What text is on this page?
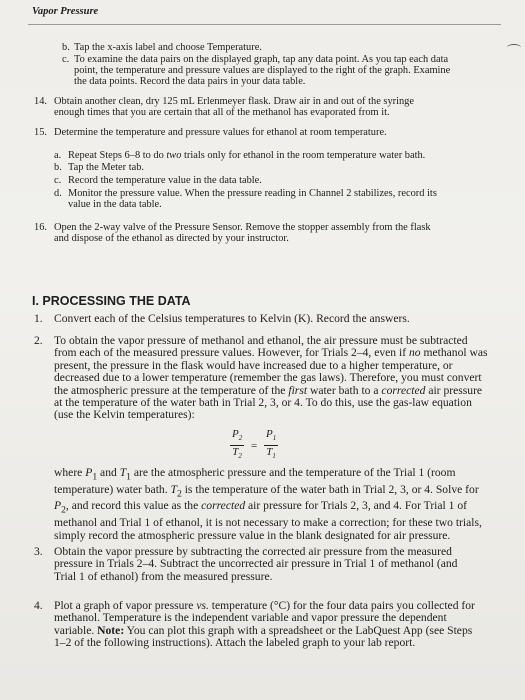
Vapor Pressure
b. Tap the x-axis label and choose Temperature.
c. To examine the data pairs on the displayed graph, tap any data point. As you tap each data
point, the temperature and pressure values are displayed to the right of the graph. Examine
the data points. Record the data pairs in your data table.
14. Obtain another clean, dry 125 mL Erlenmeyer flask. Draw air in and out of the syringe
enough times that you are certain that all of the methanol has evaporated from it.
15. Determine the temperature and pressure values for ethanol at room temperature.
a. Repeat Steps 6–8 to do two trials only for ethanol in the room temperature water bath.
b. Tap the Meter tab.
c. Record the temperature value in the data table.
d. Monitor the pressure value. When the pressure reading in Channel 2 stabilizes, record its
value in the data table.
16. Open the 2-way valve of the Pressure Sensor. Remove the stopper assembly from the flask
and dispose of the ethanol as directed by your instructor.
I. PROCESSING THE DATA
1. Convert each of the Celsius temperatures to Kelvin (K). Record the answers.
2. To obtain the vapor pressure of methanol and ethanol, the air pressure must be subtracted
from each of the measured pressure values. However, for Trials 2–4, even if no methanol was
present, the pressure in the flask would have increased due to a higher temperature, or
decreased due to a lower temperature (remember the gas laws). Therefore, you must convert
the atmospheric pressure at the temperature of the first water bath to a corrected air pressure
at the temperature of the water bath in Trial 2, 3, or 4. To do this, use the gas-law equation
(use the Kelvin temperatures):
$\frac{P_2}{T_2} = \frac{P_1}{T_1}$
where $P_1$ and $T_1$ are the atmospheric pressure and the temperature of the Trial 1 (room
temperature) water bath. $T_2$ is the temperature of the water bath in Trial 2, 3, or 4. Solve for
$P_2$, and record this value as the corrected air pressure for Trials 2, 3, and 4. For Trial 1 of
methanol and Trial 1 of ethanol, it is not necessary to make a correction; for these two trials,
simply record the atmospheric pressure value in the blank designated for air pressure.
3. Obtain the vapor pressure by subtracting the corrected air pressure from the measured
pressure in Trials 2–4. Subtract the uncorrected air pressure in Trial 1 of methanol (and
Trial 1 of ethanol) from the measured pressure.
4. Plot a graph of vapor pressure vs. temperature (°C) for the four data pairs you collected for
methanol. Temperature is the independent variable and vapor pressure the dependent
variable. Note: You can plot this graph with a spreadsheet or the LabQuest App (see Steps
1–2 of the following instructions). Attach the labeled graph to your lab report.
